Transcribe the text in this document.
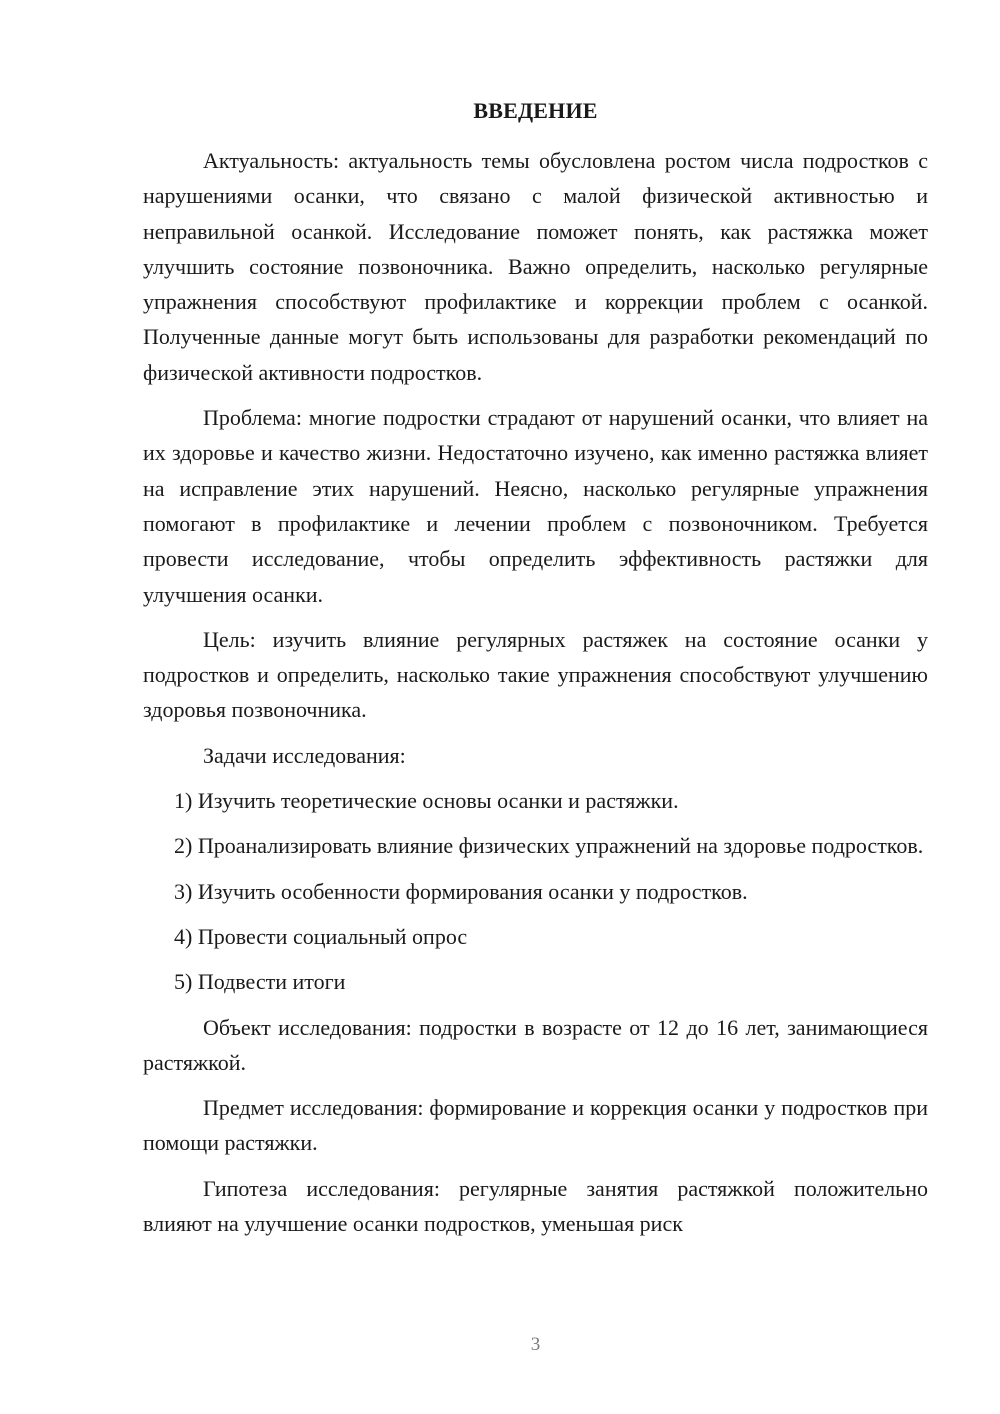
ВВЕДЕНИЕ

Актуальность: актуальность темы обусловлена ростом числа подростков с нарушениями осанки, что связано с малой физической активностью и неправильной осанкой. Исследование поможет понять, как растяжка может улучшить состояние позвоночника. Важно определить, насколько регулярные упражнения способствуют профилактике и коррекции проблем с осанкой. Полученные данные могут быть использованы для разработки рекомендаций по физической активности подростков.

Проблема: многие подростки страдают от нарушений осанки, что влияет на их здоровье и качество жизни. Недостаточно изучено, как именно растяжка влияет на исправление этих нарушений. Неясно, насколько регулярные упражнения помогают в профилактике и лечении проблем с позвоночником. Требуется провести исследование, чтобы определить эффективность растяжки для улучшения осанки.

Цель: изучить влияние регулярных растяжек на состояние осанки у подростков и определить, насколько такие упражнения способствуют улучшению здоровья позвоночника.

Задачи исследования:

1) Изучить теоретические основы осанки и растяжки.

2) Проанализировать влияние физических упражнений на здоровье подростков.

3) Изучить особенности формирования осанки у подростков.

4) Провести социальный опрос

5) Подвести итоги

Объект исследования: подростки в возрасте от 12 до 16 лет, занимающиеся растяжкой.

Предмет исследования: формирование и коррекция осанки у подростков при помощи растяжки.

Гипотеза исследования: регулярные занятия растяжкой положительно влияют на улучшение осанки подростков, уменьшая риск

3
